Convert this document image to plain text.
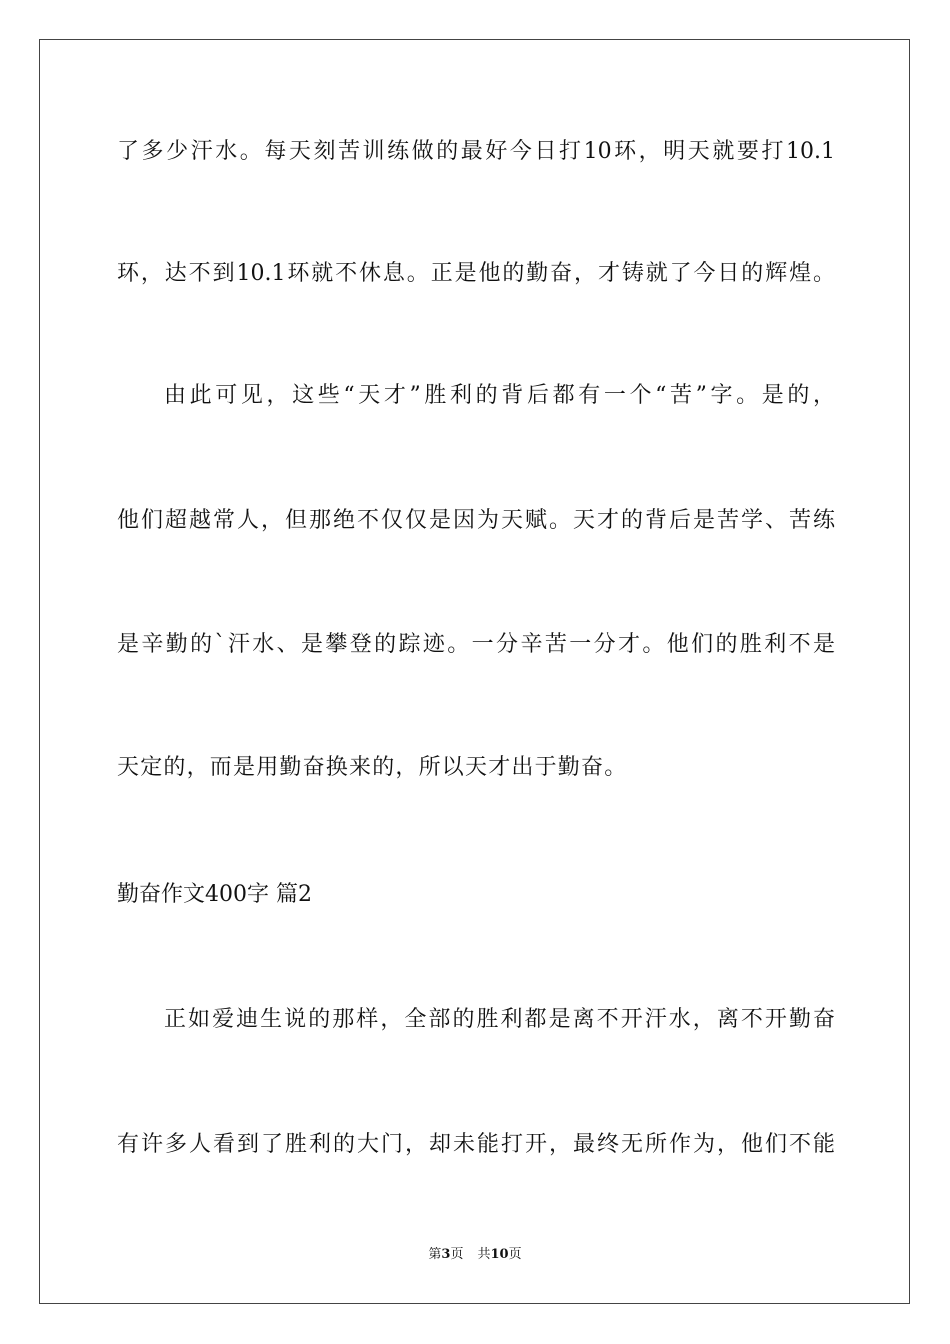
了多少汗水。每天刻苦训练做的最好今日打10环，明天就要打10.1
环，达不到10.1环就不休息。正是他的勤奋，才铸就了今日的辉煌。
由此可见，这些“天才”胜利的背后都有一个“苦”字。是的，
他们超越常人，但那绝不仅仅是因为天赋。天才的背后是苦学、苦练
是辛勤的`汗水、是攀登的踪迹。一分辛苦一分才。他们的胜利不是
天定的，而是用勤奋换来的，所以天才出于勤奋。
勤奋作文400字 篇2
正如爱迪生说的那样，全部的胜利都是离不开汗水，离不开勤奋
有许多人看到了胜利的大门，却未能打开，最终无所作为，他们不能
第3页 共10页
